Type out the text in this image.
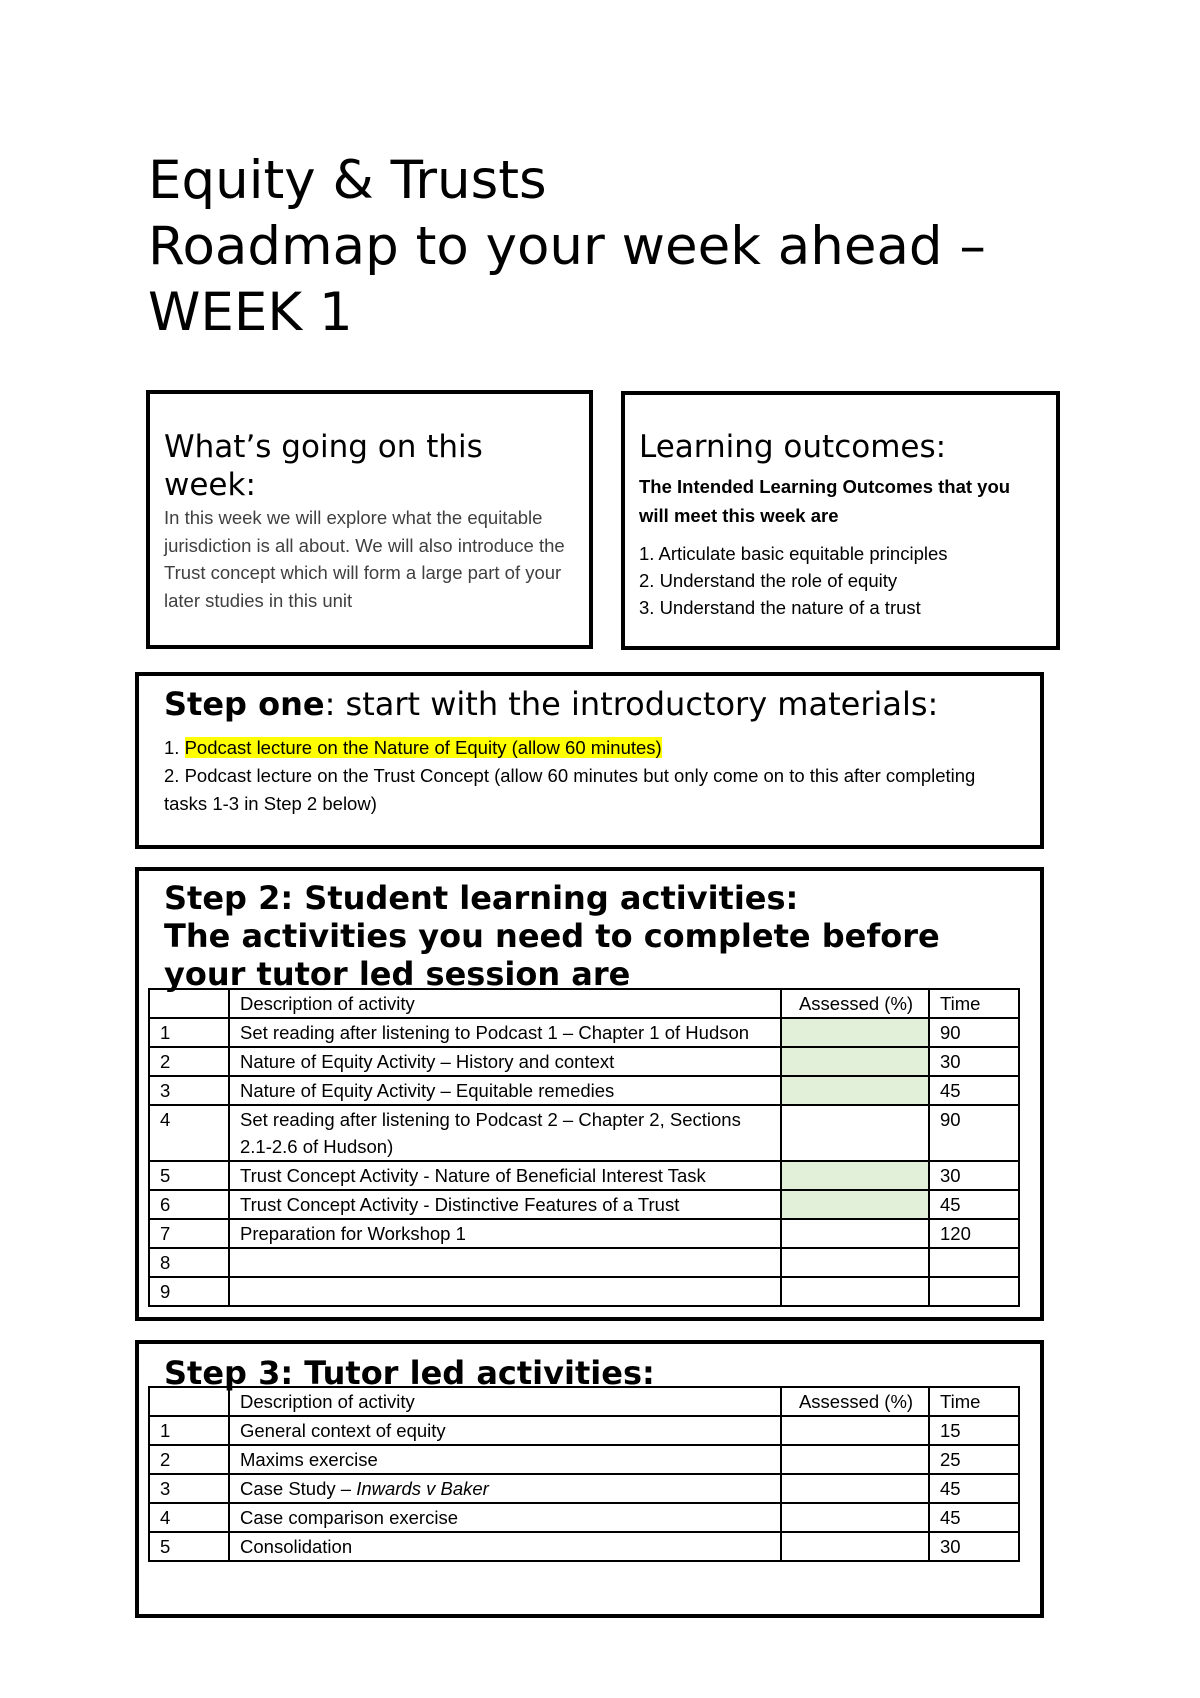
Equity & Trusts
Roadmap to your week ahead –
WEEK 1
What’s going on this week:
In this week we will explore what the equitable jurisdiction is all about. We will also introduce the Trust concept which will form a large part of your later studies in this unit
Learning outcomes:
The Intended Learning Outcomes that you will meet this week are
1. Articulate basic equitable principles
2. Understand the role of equity
3. Understand the nature of a trust
Step one: start with the introductory materials:
1. Podcast lecture on the Nature of Equity (allow 60 minutes)
2. Podcast lecture on the Trust Concept (allow 60 minutes but only come on to this after completing tasks 1-3 in Step 2 below)
Step 2: Student learning activities:
The activities you need to complete before your tutor led session are
	Description of activity	Assessed (%)	Time
1	Set reading after listening to Podcast 1 – Chapter 1 of Hudson		90
2	Nature of Equity Activity – History and context		30
3	Nature of Equity Activity – Equitable remedies		45
4	Set reading after listening to Podcast 2 – Chapter 2, Sections 2.1-2.6 of Hudson)		90
5	Trust Concept Activity - Nature of Beneficial Interest Task		30
6	Trust Concept Activity - Distinctive Features of a Trust		45
7	Preparation for Workshop 1		120
8			
9			
Step 3: Tutor led activities:
	Description of activity	Assessed (%)	Time
1	General context of equity		15
2	Maxims exercise		25
3	Case Study – Inwards v Baker		45
4	Case comparison exercise		45
5	Consolidation		30
